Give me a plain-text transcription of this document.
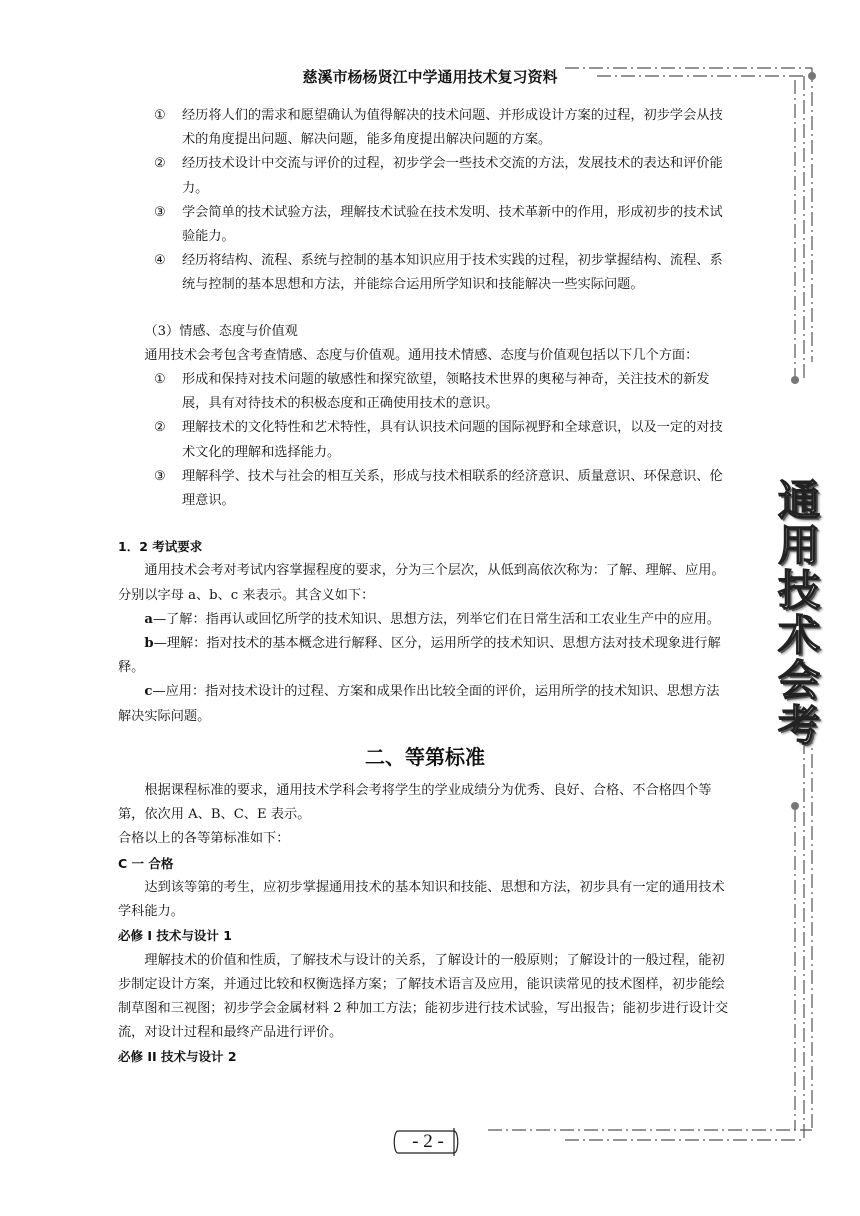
慈溪市杨杨贤江中学通用技术复习资料
①	经历将人们的需求和愿望确认为值得解决的技术问题、并形成设计方案的过程，初步学会从技术的角度提出问题、解决问题，能多角度提出解决问题的方案。
②	经历技术设计中交流与评价的过程，初步学会一些技术交流的方法，发展技术的表达和评价能力。
③	学会简单的技术试验方法，理解技术试验在技术发明、技术革新中的作用，形成初步的技术试验能力。
④	经历将结构、流程、系统与控制的基本知识应用于技术实践的过程，初步掌握结构、流程、系统与控制的基本思想和方法，并能综合运用所学知识和技能解决一些实际问题。
（3）情感、态度与价值观
通用技术会考包含考查情感、态度与价值观。通用技术情感、态度与价值观包括以下几个方面：
①	形成和保持对技术问题的敏感性和探究欲望，领略技术世界的奥秘与神奇，关注技术的新发展，具有对待技术的积极态度和正确使用技术的意识。
②	理解技术的文化特性和艺术特性，具有认识技术问题的国际视野和全球意识，以及一定的对技术文化的理解和选择能力。
③	理解科学、技术与社会的相互关系，形成与技术相联系的经济意识、质量意识、环保意识、伦理意识。
1．2 考试要求
通用技术会考对考试内容掌握程度的要求，分为三个层次，从低到高依次称为：了解、理解、应用。分别以字母 a、b、c 来表示。其含义如下：
a—了解：指再认或回忆所学的技术知识、思想方法，列举它们在日常生活和工农业生产中的应用。
b—理解：指对技术的基本概念进行解释、区分，运用所学的技术知识、思想方法对技术现象进行解释。
c—应用：指对技术设计的过程、方案和成果作出比较全面的评价，运用所学的技术知识、思想方法解决实际问题。
二、等第标准
根据课程标准的要求，通用技术学科会考将学生的学业成绩分为优秀、良好、合格、不合格四个等第，依次用 A、B、C、E 表示。
合格以上的各等第标准如下：
C 一 合格
达到该等第的考生，应初步掌握通用技术的基本知识和技能、思想和方法，初步具有一定的通用技术学科能力。
必修 I 技术与设计 1
理解技术的价值和性质，了解技术与设计的关系，了解设计的一般原则；了解设计的一般过程，能初步制定设计方案，并通过比较和权衡选择方案；了解技术语言及应用，能识读常见的技术图样，初步能绘制草图和三视图；初步学会金属材料 2 种加工方法；能初步进行技术试验，写出报告；能初步进行设计交流，对设计过程和最终产品进行评价。
必修 II 技术与设计 2
通
用
技
术
会
考
- 2 -
